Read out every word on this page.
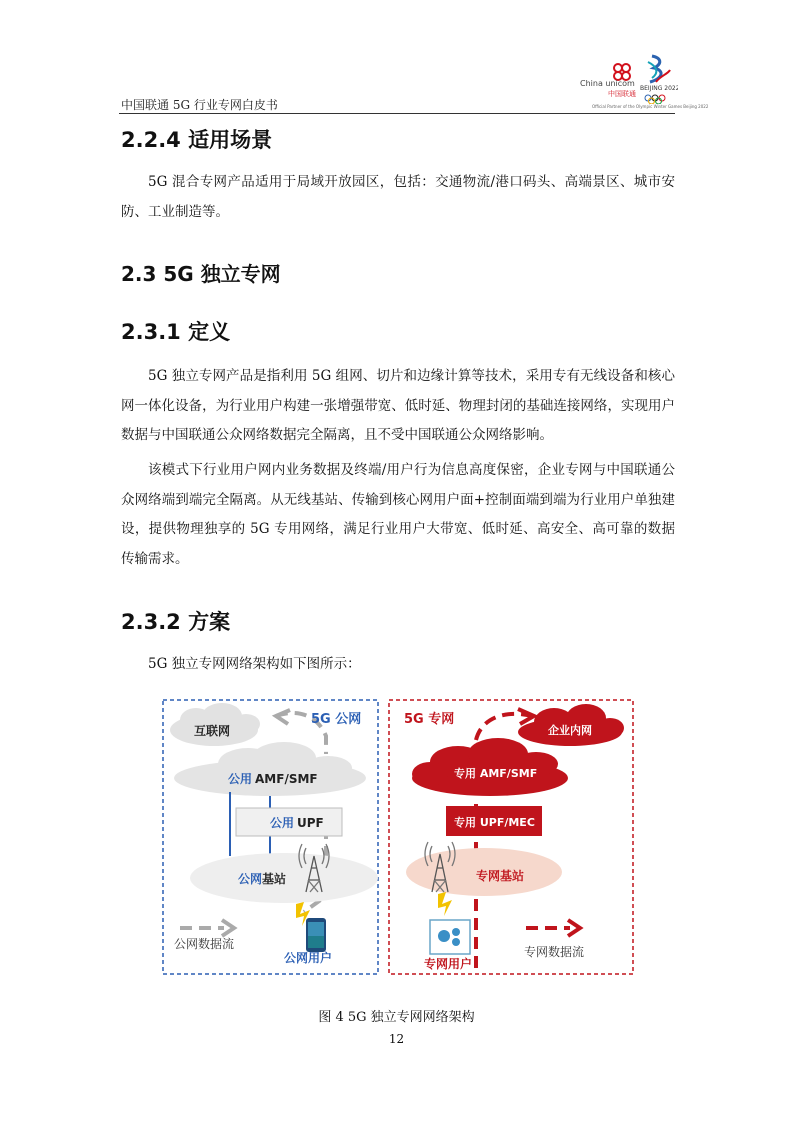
中国联通 5G 行业专网白皮书
China unicom
中国联通
BEIJING 2022
Official Partner of the Olympic Winter Games Beijing 2022
2.2.4 适用场景
5G 混合专网产品适用于局域开放园区，包括：交通物流/港口码头、高端景区、城市安防、工业制造等。
2.3 5G 独立专网
2.3.1 定义
5G 独立专网产品是指利用 5G 组网、切片和边缘计算等技术，采用专有无线设备和核心网一体化设备，为行业用户构建一张增强带宽、低时延、物理封闭的基础连接网络，实现用户数据与中国联通公众网络数据完全隔离，且不受中国联通公众网络影响。
该模式下行业用户网内业务数据及终端/用户行为信息高度保密，企业专网与中国联通公众网络端到端完全隔离。从无线基站、传输到核心网用户面+控制面端到端为行业用户单独建设，提供物理独享的 5G 专用网络，满足行业用户大带宽、低时延、高安全、高可靠的数据传输需求。
2.3.2 方案
5G 独立专网网络架构如下图所示：
互联网
5G 公网
公用 AMF/SMF
公用 UPF
公网基站
公网用户
公网数据流
5G 专网
企业内网
专用 AMF/SMF
专用 UPF/MEC
专网基站
专网用户
专网数据流
图 4 5G 独立专网网络架构
12
